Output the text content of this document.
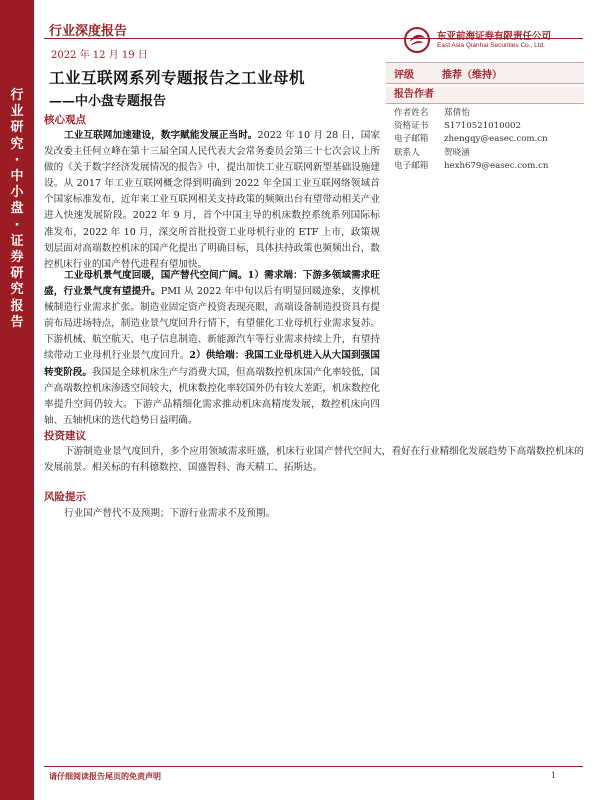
行
业
研
究
·
中
小
盘
·
证
券
研
究
报
告
行业深度报告
2022 年 12 月 19 日
东亚前海证券有限责任公司
East Asia Qianhai Securities Co., Ltd.
工业互联网系列专题报告之工业母机
——中小盘专题报告
评级	推荐（维持）
报告作者
作者姓名 郑倩怡
资格证书 S1710521010002
电子邮箱 zhengqy@easec.com.cn
联系人	贺晓涵
电子邮箱 hexh679@easec.com.cn
核心观点
工业互联网加速建设，数字赋能发展正当时。2022 年 10 月 28 日，国家发改委主任何立峰在第十三届全国人民代表大会常务委员会第三十七次会议上所做的《关于数字经济发展情况的报告》中，提出加快工业互联网新型基础设施建设。从 2017 年工业互联网概念得到明确到 2022 年全国工业互联网络领域首个国家标准发布，近年来工业互联网相关支持政策的频频出台有望带动相关产业进入快速发展阶段。2022 年 9 月，首个中国主导的机床数控系统系列国际标准发布，2022 年 10 月，深交所首批投资工业母机行业的 ETF 上市，政策规划层面对高端数控机床的国产化提出了明确目标，具体扶持政策也频频出台，数控机床行业的国产替代进程有望加快。
工业母机景气度回暖，国产替代空间广阔。1）需求端：下游多领域需求旺盛，行业景气度有望提升。PMI 从 2022 年中旬以后有明显回暖迹象，支撑机械制造行业需求扩张。制造业固定资产投资表现亮眼，高端设备制造投资具有提前布局进场特点，制造业景气度回升行情下，有望催化工业母机行业需求复苏。下游机械、航空航天、电子信息制造、新能源汽车等行业需求持续上升，有望持续带动工业母机行业景气度回升。2）供给端：我国工业母机进入从大国到强国转变阶段。我国是全球机床生产与消费大国，但高端数控机床国产化率较低，国产高端数控机床渗透空间较大，机床数控化率较国外仍有较大差距，机床数控化率提升空间仍较大。下游产品精细化需求推动机床高精度发展，数控机床向四轴、五轴机床的迭代趋势日益明确。
投资建议
下游制造业景气度回升，多个应用领域需求旺盛，机床行业国产替代空间大，看好在行业精细化发展趋势下高端数控机床的发展前景。相关标的有科德数控、国盛智科、海天精工、拓斯达。
风险提示
行业国产替代不及预期；下游行业需求不及预期。
请仔细阅读报告尾页的免责声明	1
